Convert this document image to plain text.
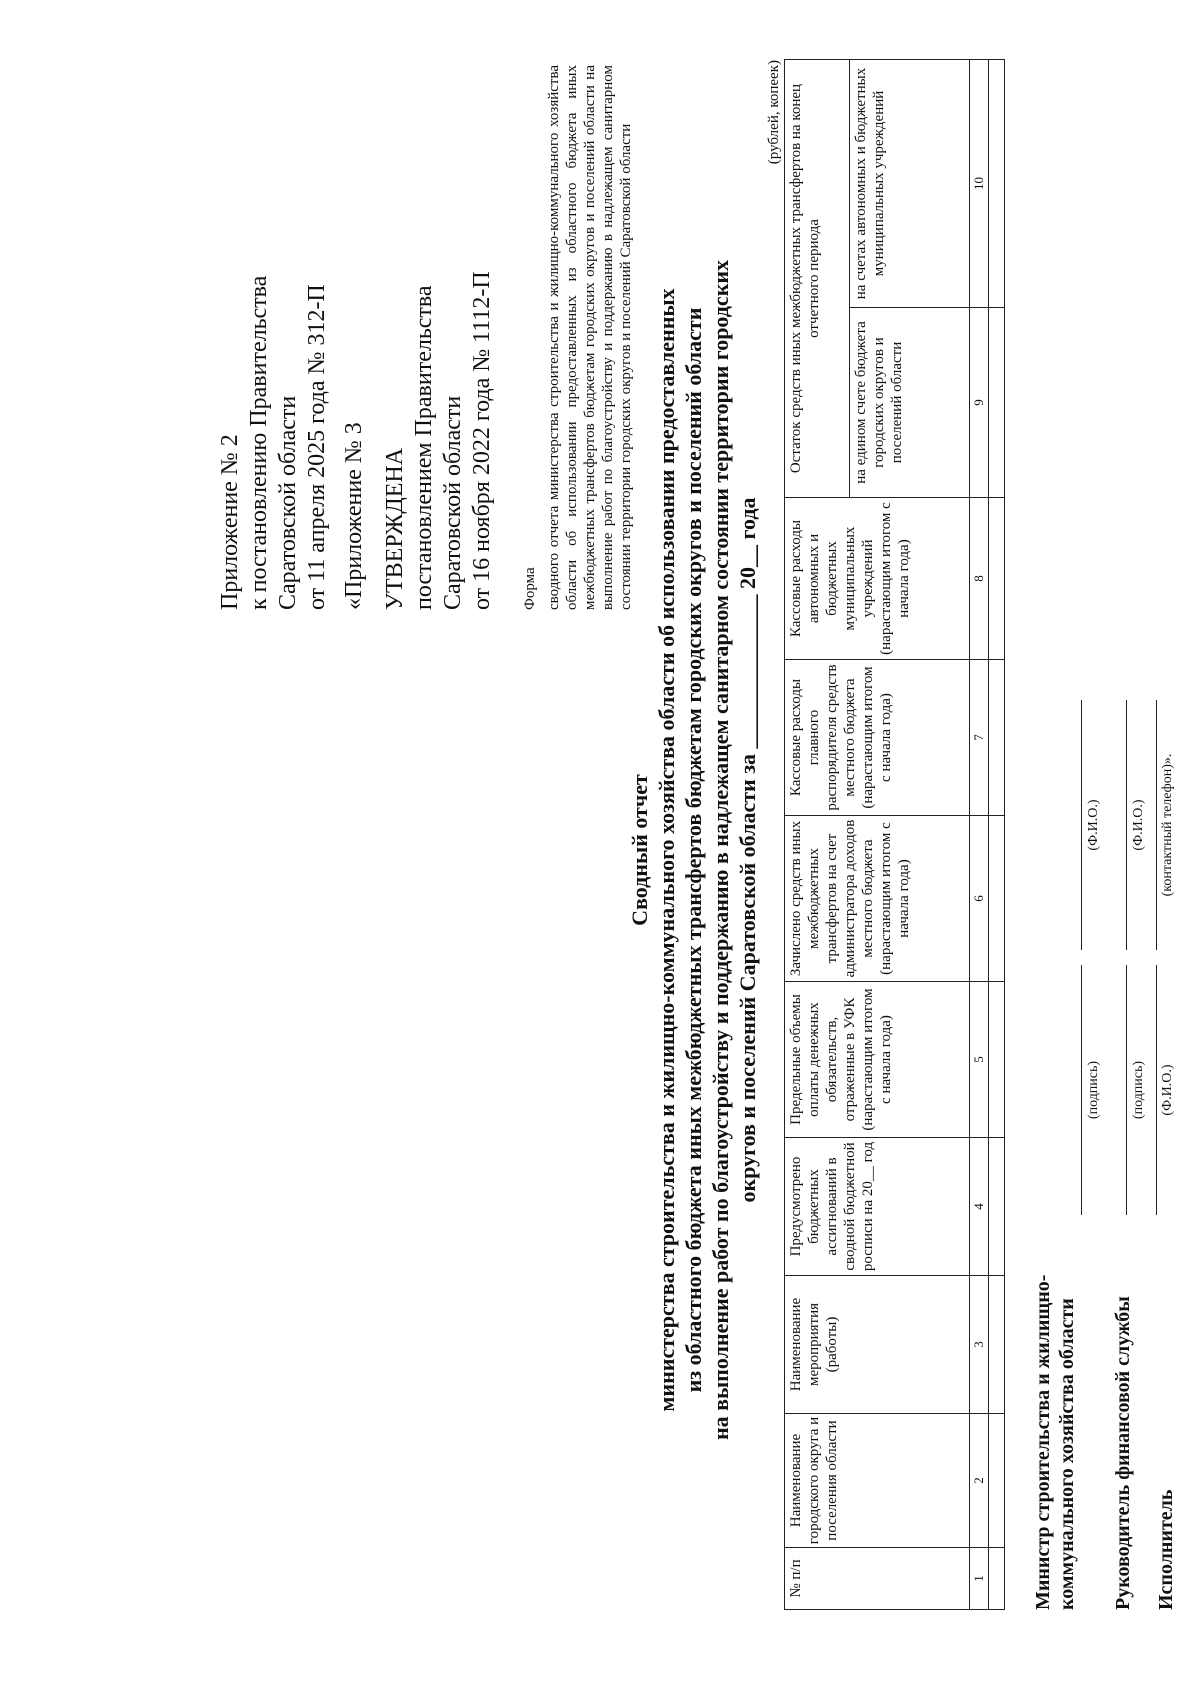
Приложение № 2 к постановлению Правительства Саратовской области от 11 апреля 2025 года № 312-П «Приложение № 3 УТВЕРЖДЕНА постановлением Правительства Саратовской области от 16 ноября 2022 года № 1112-П Форма сводного отчета министерства строительства и жилищно-коммунального хозяйства области об использовании предоставленных из областного бюджета иных межбюджетных трансфертов бюджетам городских округов и поселений области на выполнение работ по благоустройству и поддержанию в надлежащем санитарном состоянии территории городских округов и поселений Саратовской области
Сводный отчет министерства строительства и жилищно-коммунального хозяйства области об использовании предоставленных из областного бюджета иных межбюджетных трансфертов бюджетам городских округов и поселений области на выполнение работ по благоустройству и поддержанию в надлежащем санитарном состоянии территории городских округов и поселений Саратовской области за ______________ 20__ года
(рублей, копеек)
№ п/п	Наименование городского округа и поселения области	Наименование мероприятия (работы)	Предусмотрено бюджетных ассигнований в сводной бюджетной росписи на 20__ год	Предельные объемы оплаты денежных обязательств, отраженные в УФК (нарастающим итогом с начала года)	Зачислено средств иных межбюджетных трансфертов на счет администратора доходов местного бюджета (нарастающим итогом с начала года)	Кассовые расходы главного распорядителя средств местного бюджета (нарастающим итогом с начала года)	Кассовые расходы автономных и бюджетных муниципальных учреждений (нарастающим итогом с начала года)	Остаток средств иных межбюджетных трансфертов на конец отчетного периода	
								на едином счете бюджета городских округов и поселений области	на счетах автономных и бюджетных муниципальных учреждений
1	2	3	4	5	6	7	8	9	10

Министр строительства и жилищно-коммунального хозяйства области
(подпись)
(Ф.И.О.)
Руководитель финансовой службы
(подпись)
(Ф.И.О.)
Исполнитель
(Ф.И.О.)
(контактный телефон)».
